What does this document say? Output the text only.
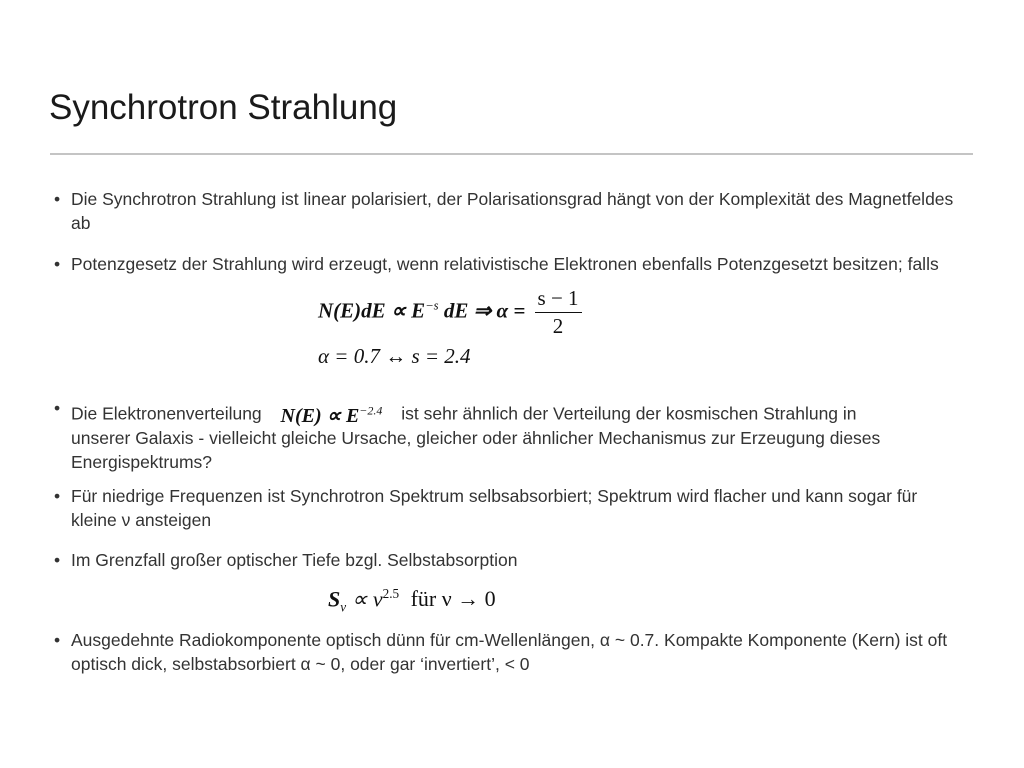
Synchrotron Strahlung
• Die Synchrotron Strahlung ist linear polarisiert, der Polarisationsgrad hängt von der Komplexität des Magnetfeldes ab
• Potenzgesetz der Strahlung wird erzeugt, wenn relativistische Elektronen ebenfalls Potenzgesetzt besitzen; falls
$N(E)dE \propto E^{-s}$ dE ⇒ $\alpha = \frac{s - 1}{2}$
α = 0.7 ↔ s = 2.4
• Die Elektronenverteilung $N(E) \propto E^{-2.4}$ ist sehr ähnlich der Verteilung der kosmischen Strahlung in
unserer Galaxis - vielleicht gleiche Ursache, gleicher oder ähnlicher Mechanismus zur Erzeugung dieses Energispektrums?
• Für niedrige Frequenzen ist Synchrotron Spektrum selbsabsorbiert; Spektrum wird flacher und kann sogar für kleine ν ansteigen
• Im Grenzfall großer optischer Tiefe bzgl. Selbstabsorption
$S_\nu \propto \nu^{2.5}$ für ν → 0
• Ausgedehnte Radiokomponente optisch dünn für cm-Wellenlängen, α ~ 0.7. Kompakte Komponente (Kern) ist oft optisch dick, selbstabsorbiert α ~ 0, oder gar ‘invertiert’, < 0
